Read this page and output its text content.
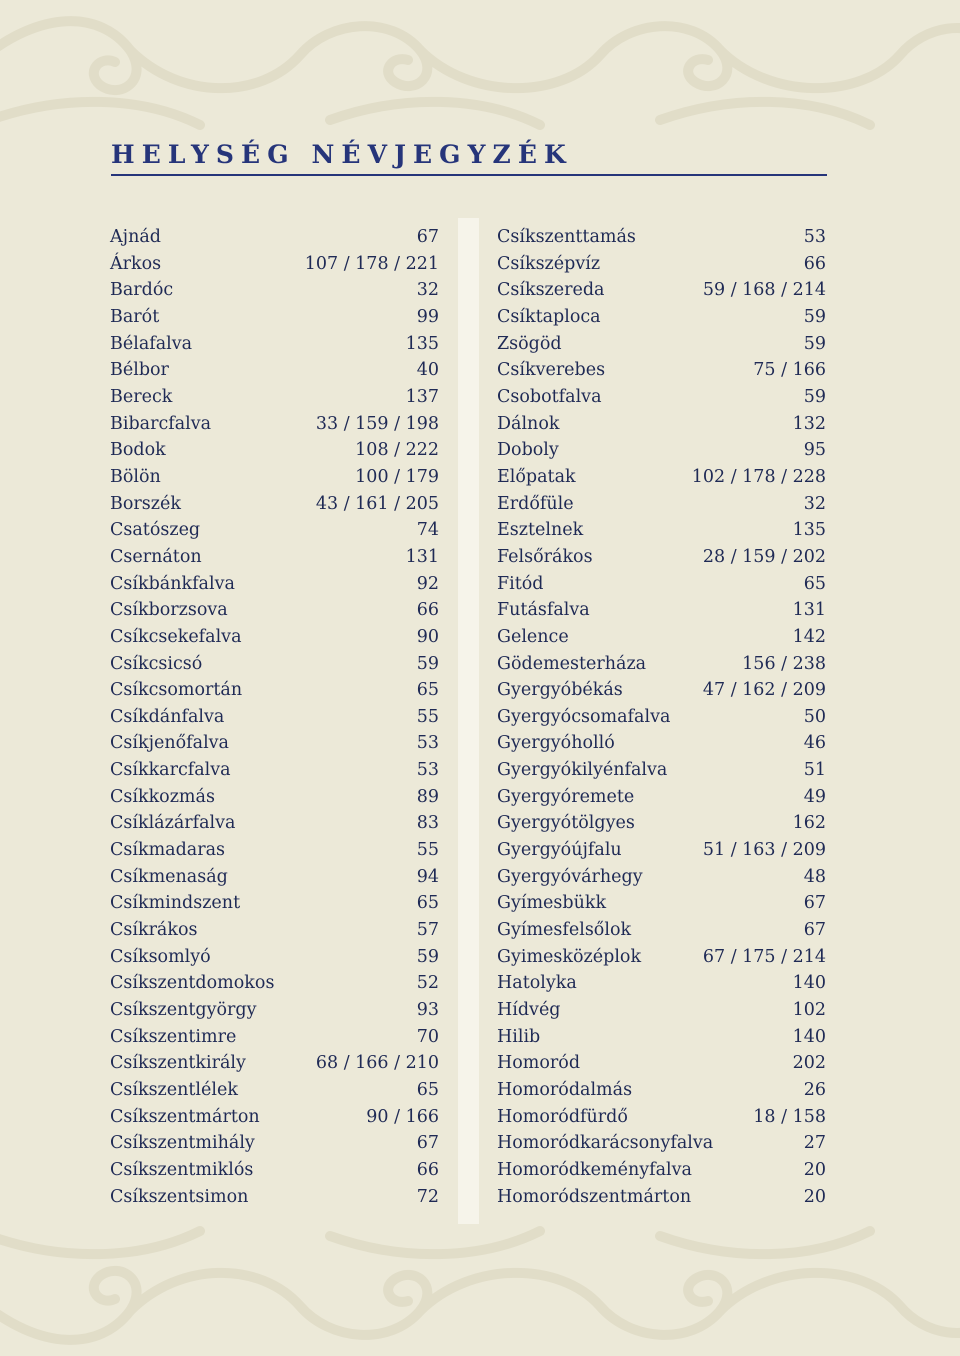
HELYSÉG NÉVJEGYZÉK
Ajnád	67
Árkos	107 / 178 / 221
Bardóc	32
Barót	99
Bélafalva	135
Bélbor	40
Bereck	137
Bibarcfalva	33 / 159 / 198
Bodok	108 / 222
Bölön	100 / 179
Borszék	43 / 161 / 205
Csatószeg	74
Csernáton	131
Csíkbánkfalva	92
Csíkborzsova	66
Csíkcsekefalva	90
Csíkcsicsó	59
Csíkcsomortán	65
Csíkdánfalva	55
Csíkjenőfalva	53
Csíkkarcfalva	53
Csíkkozmás	89
Csíklázárfalva	83
Csíkmadaras	55
Csíkmenaság	94
Csíkmindszent	65
Csíkrákos	57
Csíksomlyó	59
Csíkszentdomokos	52
Csíkszentgyörgy	93
Csíkszentimre	70
Csíkszentkirály	68 / 166 / 210
Csíkszentlélek	65
Csíkszentmárton	90 / 166
Csíkszentmihály	67
Csíkszentmiklós	66
Csíkszentsimon	72
Csíkszenttamás	53
Csíkszépvíz	66
Csíkszereda	59 / 168 / 214
Csíktaploca	59
Zsögöd	59
Csíkverebes	75 / 166
Csobotfalva	59
Dálnok	132
Doboly	95
Előpatak	102 / 178 / 228
Erdőfüle	32
Esztelnek	135
Felsőrákos	28 / 159 / 202
Fitód	65
Futásfalva	131
Gelence	142
Gödemesterháza	156 / 238
Gyergyóbékás	47 / 162 / 209
Gyergyócsomafalva	50
Gyergyóholló	46
Gyergyókilyénfalva	51
Gyergyóremete	49
Gyergyótölgyes	162
Gyergyóújfalu	51 / 163 / 209
Gyergyóvárhegy	48
Gyímesbükk	67
Gyímesfelsőlok	67
Gyimesközéplok	67 / 175 / 214
Hatolyka	140
Hídvég	102
Hilib	140
Homoród	202
Homoródalmás	26
Homoródfürdő	18 / 158
Homoródkarácsonyfalva	27
Homoródkeményfalva	20
Homoródszentmárton	20
